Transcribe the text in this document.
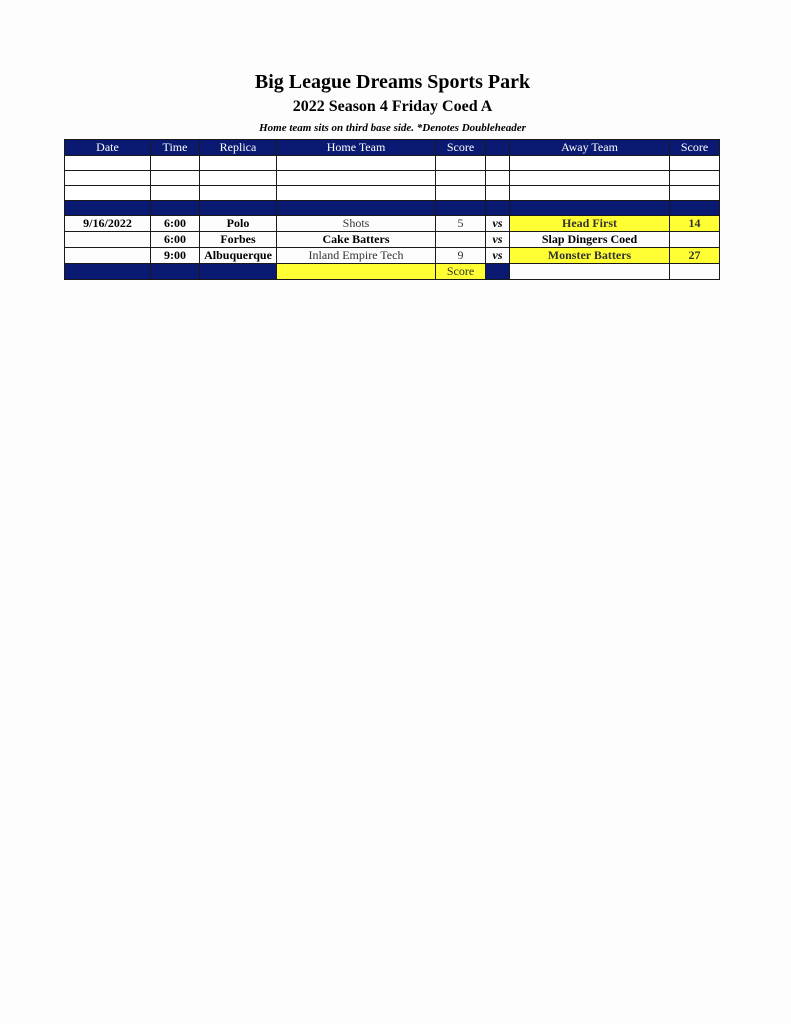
Big League Dreams Sports Park
2022 Season 4 Friday Coed A
Home team sits on third base side. *Denotes Doubleheader
Date	Time	Replica	Home Team	Score		Away Team	Score

9/16/2022	6:00	Polo	Shots	5	vs	Head First	14
	6:00	Forbes	Cake Batters		vs	Slap Dingers Coed	
	9:00	Albuquerque	Inland Empire Tech	9	vs	Monster Batters	27
				Score			
